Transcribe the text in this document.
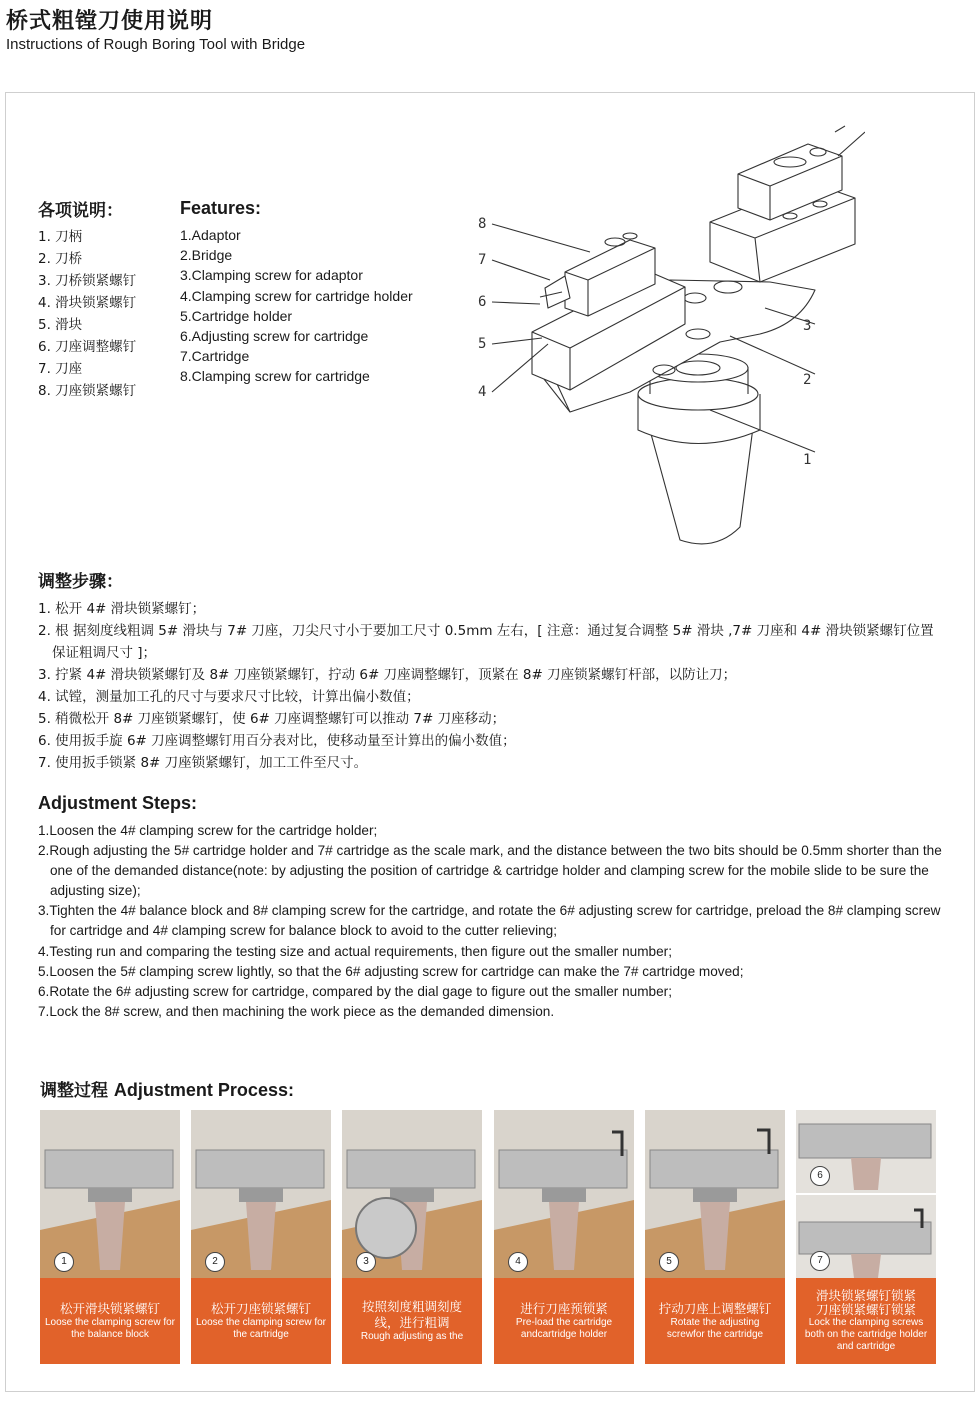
桥式粗镗刀使用说明
Instructions of Rough Boring Tool with Bridge
各项说明：
1. 刀柄
2. 刀桥
3. 刀桥锁紧螺钉
4. 滑块锁紧螺钉
5. 滑块
6. 刀座调整螺钉
7. 刀座
8. 刀座锁紧螺钉
Features:
1.Adaptor
2.Bridge
3.Clamping screw for adaptor
4.Clamping screw for cartridge holder
5.Cartridge holder
6.Adjusting screw for cartridge
7.Cartridge
8.Clamping screw for cartridge
8
7
6
5
4
3
2
1
调整步骤：
1. 松开 4# 滑块锁紧螺钉；
2. 根 据刻度线粗调 5# 滑块与 7# 刀座，刀尖尺寸小于要加工尺寸 0.5mm 左右，[ 注意：通过复合调整 5# 滑块 ,7# 刀座和 4# 滑块锁紧螺钉位置保证粗调尺寸 ]；
3. 拧紧 4# 滑块锁紧螺钉及 8# 刀座锁紧螺钉，拧动 6# 刀座调整螺钉，顶紧在 8# 刀座锁紧螺钉杆部，以防让刀；
4. 试镗，测量加工孔的尺寸与要求尺寸比较，计算出偏小数值；
5. 稍微松开 8# 刀座锁紧螺钉，使 6# 刀座调整螺钉可以推动 7# 刀座移动；
6. 使用扳手旋 6# 刀座调整螺钉用百分表对比，使移动量至计算出的偏小数值；
7. 使用扳手锁紧 8# 刀座锁紧螺钉，加工工件至尺寸。
Adjustment Steps:
1.Loosen the 4# clamping screw for the cartridge holder;
2.Rough adjusting the 5# cartridge holder and 7# cartridge as the scale mark, and the distance between the two bits should be 0.5mm shorter than the one of the demanded distance(note: by adjusting the position of cartridge & cartridge holder and clamping screw for the mobile slide to be sure the adjusting size);
3.Tighten the 4# balance block and 8# clamping screw for the cartridge, and rotate the 6# adjusting screw for cartridge, preload the 8# clamping screw for cartridge and 4# clamping screw for balance block to avoid to the cutter relieving;
4.Testing run and comparing the testing size and actual requirements, then figure out the smaller number;
5.Loosen the 5# clamping screw lightly, so that the 6# adjusting screw for cartridge can make the 7# cartridge moved;
6.Rotate the 6# adjusting screw for cartridge, compared by the dial gage to figure out the smaller number;
7.Lock the 8# screw, and then machining the work piece as the demanded dimension.
调整过程 Adjustment Process:
1
松开滑块锁紧螺钉
Loose the clamping screw for the balance block
2
松开刀座锁紧螺钉
Loose the clamping screw for the cartridge
3
按照刻度粗调刻度线，进行粗调
Rough adjusting as the
4
进行刀座预锁紧
Pre-load the cartridge andcartridge holder
5
拧动刀座上调整螺钉
Rotate the adjusting screwfor the cartridge
6
7
滑块锁紧螺钉锁紧刀座锁紧螺钉锁紧
Lock the clamping screws both on the cartridge holder and cartridge
